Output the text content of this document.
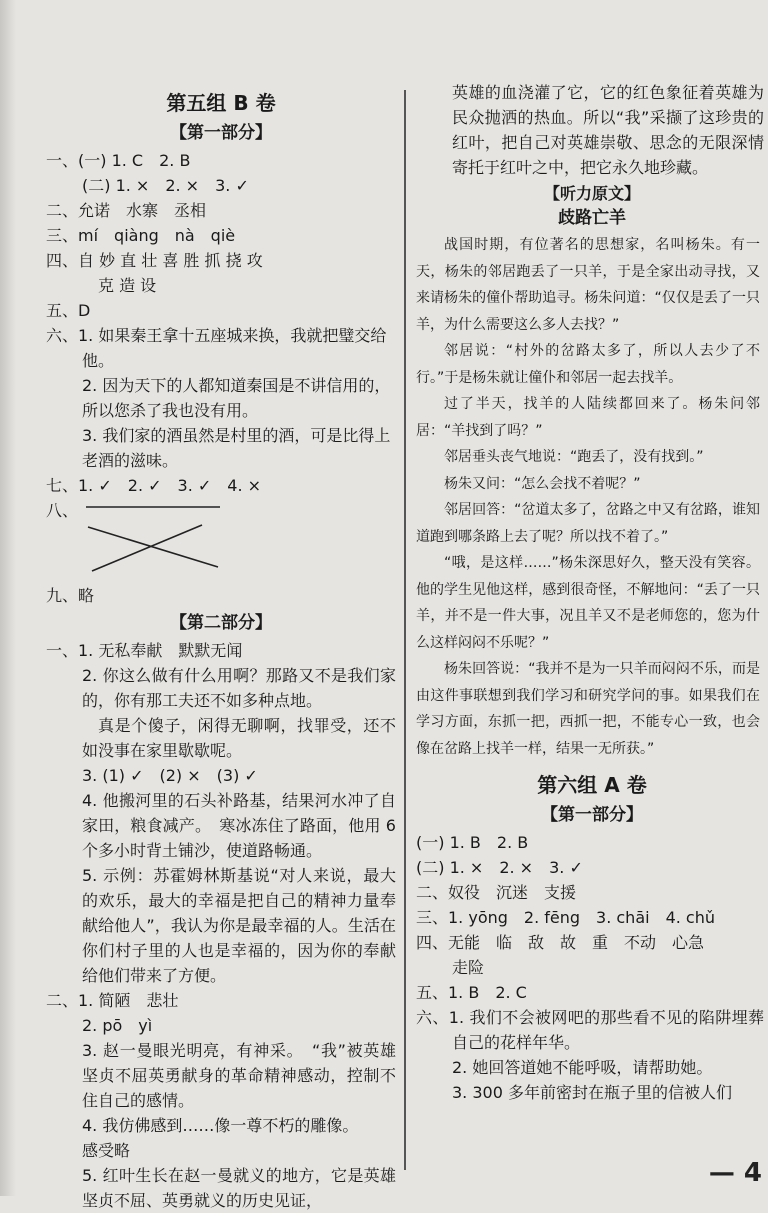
第五组 B 卷
【第一部分】
一、(一) 1. C　2. B
(二) 1. ×　2. ×　3. ✓
二、允诺　水寨　丞相
三、mí　qiàng　nà　qiè
四、自 妙 直 壮 喜 胜 抓 挠 攻
克 造 设
五、D
六、1. 如果秦王拿十五座城来换，我就把璧交给他。
2. 因为天下的人都知道秦国是不讲信用的，所以您杀了我也没有用。
3. 我们家的酒虽然是村里的酒，可是比得上老酒的滋味。
七、1. ✓　2. ✓　3. ✓　4. ×
八、
九、略
【第二部分】
一、1. 无私奉献　默默无闻
2. 你这么做有什么用啊？那路又不是我们家的，你有那工夫还不如多种点地。
真是个傻子，闲得无聊啊，找罪受，还不如没事在家里歇歇呢。
3. (1) ✓　(2) ×　(3) ✓
4. 他搬河里的石头补路基，结果河水冲了自家田，粮食减产。　寒冰冻住了路面，他用 6 个多小时背土铺沙，使道路畅通。
5. 示例：苏霍姆林斯基说“对人来说，最大的欢乐，最大的幸福是把自己的精神力量奉献给他人”，我认为你是最幸福的人。生活在你们村子里的人也是幸福的，因为你的奉献给他们带来了方便。
二、1. 简陋　悲壮
2. pō　yì
3. 赵一曼眼光明亮，有神采。　“我”被英雄坚贞不屈英勇献身的革命精神感动，控制不住自己的感情。
4. 我仿佛感到……像一尊不朽的雕像。
感受略
5. 红叶生长在赵一曼就义的地方，它是英雄坚贞不屈、英勇就义的历史见证，
英雄的血浇灌了它，它的红色象征着英雄为民众抛洒的热血。所以“我”采撷了这珍贵的红叶，把自己对英雄崇敬、思念的无限深情寄托于红叶之中，把它永久地珍藏。
【听力原文】
歧路亡羊

战国时期，有位著名的思想家，名叫杨朱。有一天，杨朱的邻居跑丢了一只羊，于是全家出动寻找，又来请杨朱的僮仆帮助追寻。杨朱问道：“仅仅是丢了一只羊，为什么需要这么多人去找？”

邻居说：“村外的岔路太多了，所以人去少了不行。”于是杨朱就让僮仆和邻居一起去找羊。

过了半天，找羊的人陆续都回来了。杨朱问邻居：“羊找到了吗？”

邻居垂头丧气地说：“跑丢了，没有找到。”

杨朱又问：“怎么会找不着呢？”

邻居回答：“岔道太多了，岔路之中又有岔路，谁知道跑到哪条路上去了呢？所以找不着了。”

“哦，是这样……”杨朱深思好久，整天没有笑容。他的学生见他这样，感到很奇怪，不解地问：“丢了一只羊，并不是一件大事，况且羊又不是老师您的，您为什么这样闷闷不乐呢？”

杨朱回答说：“我并不是为一只羊而闷闷不乐，而是由这件事联想到我们学习和研究学问的事。如果我们在学习方面，东抓一把，西抓一把，不能专心一致，也会像在岔路上找羊一样，结果一无所获。”

第六组 A 卷
【第一部分】
(一) 1. B　2. B
(二) 1. ×　2. ×　3. ✓
二、奴役　沉迷　支援
三、1. yōng　2. fēng　3. chāi　4. chǔ
四、无能　临　敌　故　重　不动　心急
走险
五、1. B　2. C
六、1. 我们不会被网吧的那些看不见的陷阱埋葬自己的花样年华。
2. 她回答道她不能呼吸，请帮助她。
3. 300 多年前密封在瓶子里的信被人们
— 4
